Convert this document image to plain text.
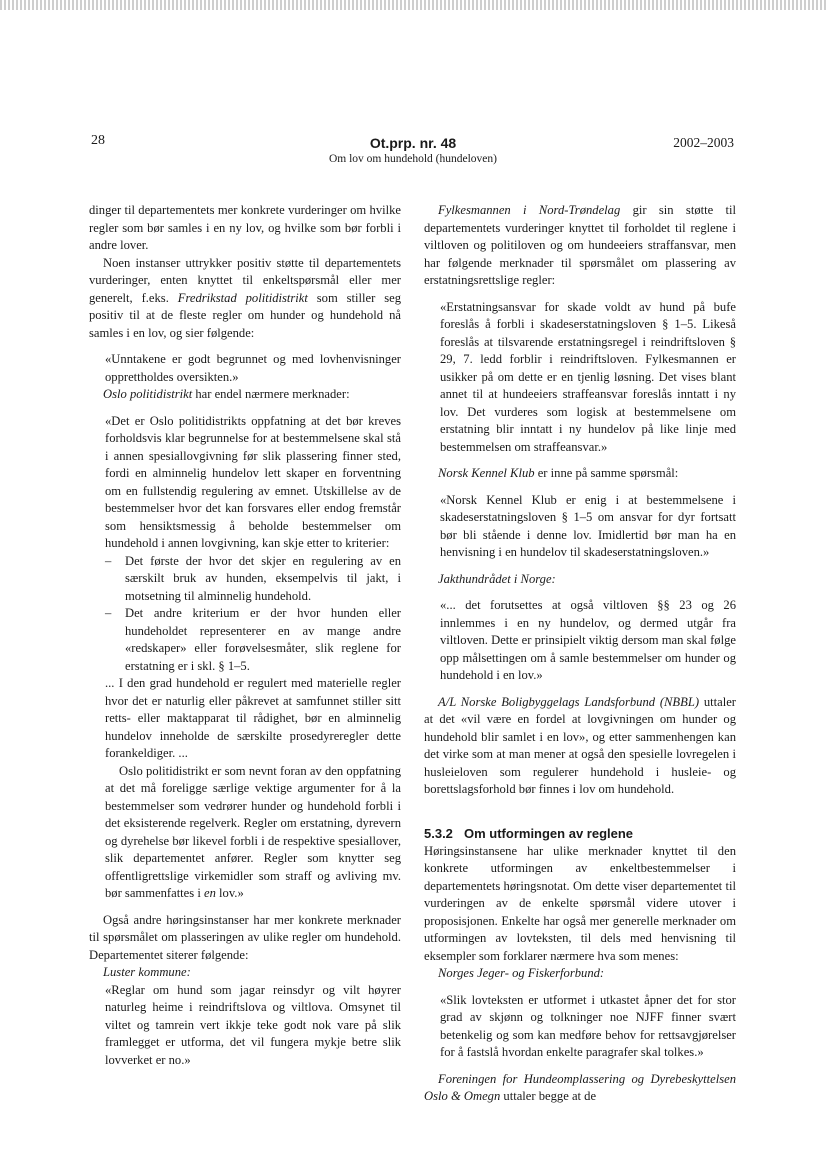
28	Ot.prp. nr. 48
Om lov om hundehold (hundeloven)
2002–2003

dinger til departementets mer konkrete vurderinger om hvilke regler som bør samles i en ny lov, og hvilke som bør forbli i andre lover.

Noen instanser uttrykker positiv støtte til departementets vurderinger, enten knyttet til enkeltspørsmål eller mer generelt, f.eks. Fredrikstad politidistrikt som stiller seg positiv til at de fleste regler om hunder og hundehold nå samles i en lov, og sier følgende:

«Unntakene er godt begrunnet og med lovhenvisninger opprettholdes oversikten.»

Oslo politidistrikt har endel nærmere merknader:

«Det er Oslo politidistrikts oppfatning at det bør kreves forholdsvis klar begrunnelse for at bestemmelsene skal stå i annen spesiallovgivning før slik plassering finner sted, fordi en alminnelig hundelov lett skaper en forventning om en fullstendig regulering av emnet. Utskillelse av de bestemmelser hvor det kan forsvares eller endog fremstår som hensiktsmessig å beholde bestemmelser om hundehold i annen lovgivning, kan skje etter to kriterier:

– Det første der hvor det skjer en regulering av en særskilt bruk av hunden, eksempelvis til jakt, i motsetning til alminnelig hundehold.
– Det andre kriterium er der hvor hunden eller hundeholdet representerer en av mange andre «redskaper» eller forøvelsesmåter, slik reglene for erstatning er i skl. § 1–5.

... I den grad hundehold er regulert med materielle regler hvor det er naturlig eller påkrevet at samfunnet stiller sitt retts- eller maktapparat til rådighet, bør en alminnelig hundelov inneholde de særskilte prosedyreregler dette forankeldiger. ...

Oslo politidistrikt er som nevnt foran av den oppfatning at det må foreligge særlige vektige argumenter for å la bestemmelser som vedrører hunder og hundehold forbli i det eksisterende regelverk. Regler om erstatning, dyrevern og dyrehelse bør likevel forbli i de respektive spesiallover, slik departementet anfører. Regler som knytter seg offentligrettslige virkemidler som straff og avliving mv. bør sammenfattes i en lov.»

Også andre høringsinstanser har mer konkrete merknader til spørsmålet om plasseringen av ulike regler om hundehold. Departementet siterer følgende:

Luster kommune:

«Reglar om hund som jagar reinsdyr og vilt høyrer naturleg heime i reindriftslova og viltlova. Omsynet til viltet og tamrein vert ikkje teke godt nok vare på slik framlegget er utforma, det vil fungera mykje betre slik lovverket er no.»

Fylkesmannen i Nord-Trøndelag gir sin støtte til departementets vurderinger knyttet til forholdet til reglene i viltloven og politiloven og om hundeeiers straffansvar, men har følgende merknader til spørsmålet om plassering av erstatningsrettslige regler:

«Erstatningsansvar for skade voldt av hund på bufe foreslås å forbli i skadeserstatningsloven § 1–5. Likeså foreslås at tilsvarende erstatningsregel i reindriftsloven § 29, 7. ledd forblir i reindriftsloven. Fylkesmannen er usikker på om dette er en tjenlig løsning. Det vises blant annet til at hundeeiers straffeansvar foreslås inntatt i ny lov. Det vurderes som logisk at bestemmelsene om erstatning blir inntatt i ny hundelov på like linje med bestemmelsen om straffeansvar.»

Norsk Kennel Klub er inne på samme spørsmål:

«Norsk Kennel Klub er enig i at bestemmelsene i skadeserstatningsloven § 1–5 om ansvar for dyr fortsatt bør bli stående i denne lov. Imidlertid bør man ha en henvisning i en hundelov til skadeserstatningsloven.»

Jakthundrådet i Norge:

«... det forutsettes at også viltloven §§ 23 og 26 innlemmes i en ny hundelov, og dermed utgår fra viltloven. Dette er prinsipielt viktig dersom man skal følge opp målsettingen om å samle bestemmelser om hunder og hundehold i en lov.»

A/L Norske Boligbyggelags Landsforbund (NBBL) uttaler at det «vil være en fordel at lovgivningen om hunder og hundehold blir samlet i en lov», og etter sammenhengen kan det virke som at man mener at også den spesielle lovregelen i husleieloven som regulerer hundehold i husleie- og borettslagsforhold bør finnes i lov om hundehold.

5.3.2 Om utformingen av reglene

Høringsinstansene har ulike merknader knyttet til den konkrete utformingen av enkeltbestemmelser i departementets høringsnotat. Om dette viser departementet til vurderingen av de enkelte spørsmål videre utover i proposisjonen. Enkelte har også mer generelle merknader om utformingen av lovteksten, til dels med henvisning til eksempler som forklarer nærmere hva som menes:

Norges Jeger- og Fiskerforbund:

«Slik lovteksten er utformet i utkastet åpner det for stor grad av skjønn og tolkninger noe NJFF finner svært betenkelig og som kan medføre behov for rettsavgjørelser for å fastslå hvordan enkelte paragrafer skal tolkes.»

Foreningen for Hundeomplassering og Dyrebeskyttelsen Oslo & Omegn uttaler begge at de
